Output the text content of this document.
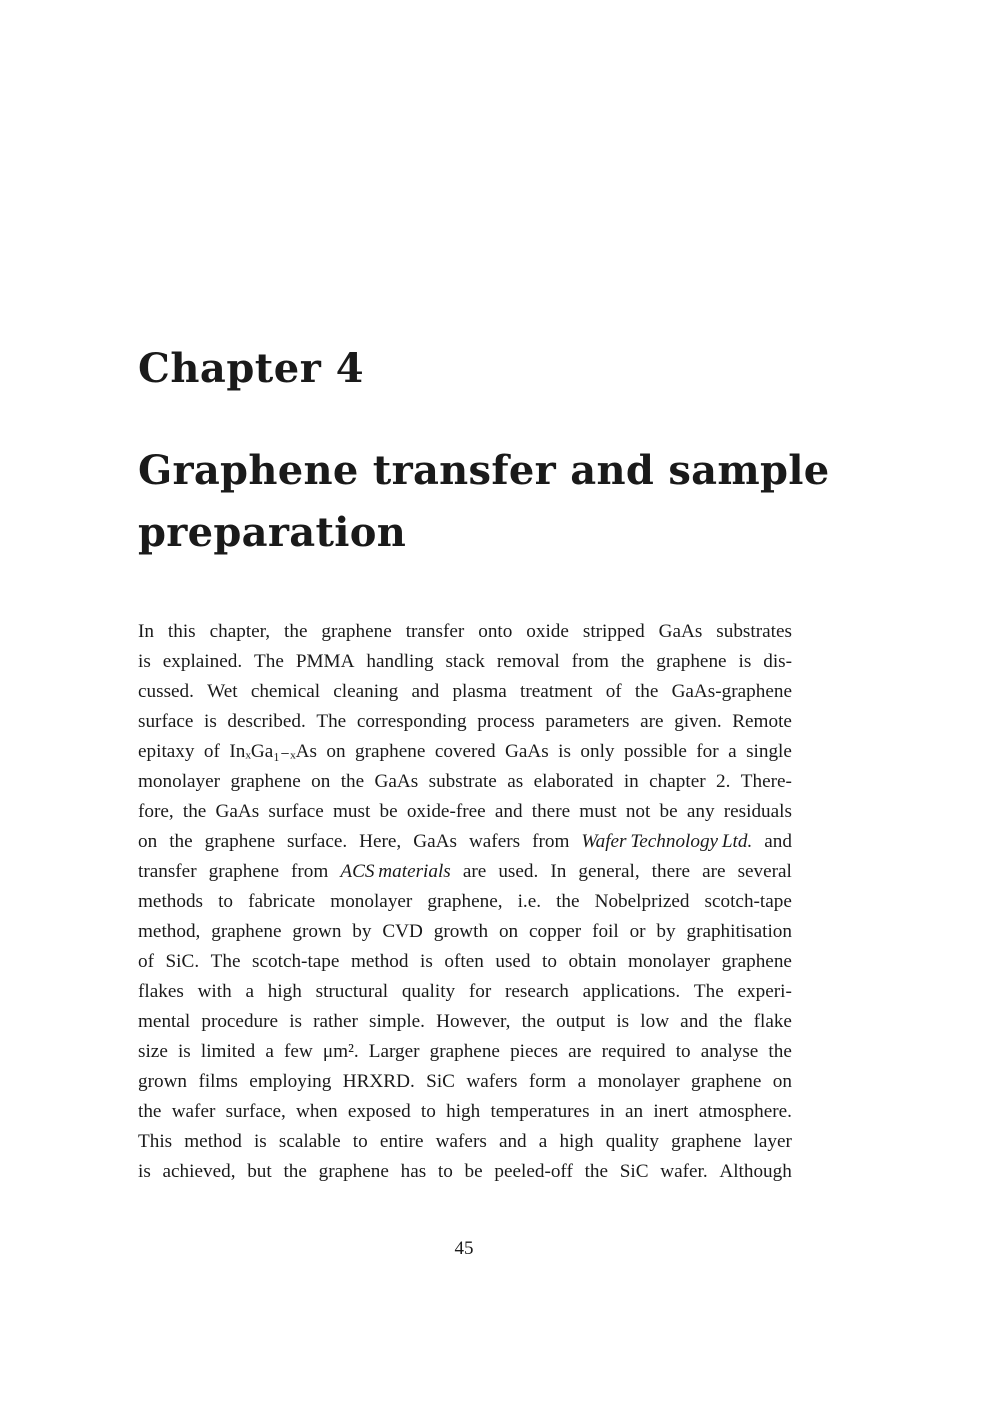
Chapter 4
Graphene transfer and sample preparation
In this chapter, the graphene transfer onto oxide stripped GaAs substrates
is explained. The PMMA handling stack removal from the graphene is dis-
cussed. Wet chemical cleaning and plasma treatment of the GaAs-graphene
surface is described. The corresponding process parameters are given. Remote
epitaxy of InₓGa₁₋ₓAs on graphene covered GaAs is only possible for a single
monolayer graphene on the GaAs substrate as elaborated in chapter 2. There-
fore, the GaAs surface must be oxide-free and there must not be any residuals
on the graphene surface. Here, GaAs wafers from Wafer Technology Ltd. and
transfer graphene from ACS materials are used. In general, there are several
methods to fabricate monolayer graphene, i.e. the Nobelprized scotch-tape
method, graphene grown by CVD growth on copper foil or by graphitisation
of SiC. The scotch-tape method is often used to obtain monolayer graphene
flakes with a high structural quality for research applications. The experi-
mental procedure is rather simple. However, the output is low and the flake
size is limited a few μm². Larger graphene pieces are required to analyse the
grown films employing HRXRD. SiC wafers form a monolayer graphene on
the wafer surface, when exposed to high temperatures in an inert atmosphere.
This method is scalable to entire wafers and a high quality graphene layer
is achieved, but the graphene has to be peeled-off the SiC wafer. Although
45
